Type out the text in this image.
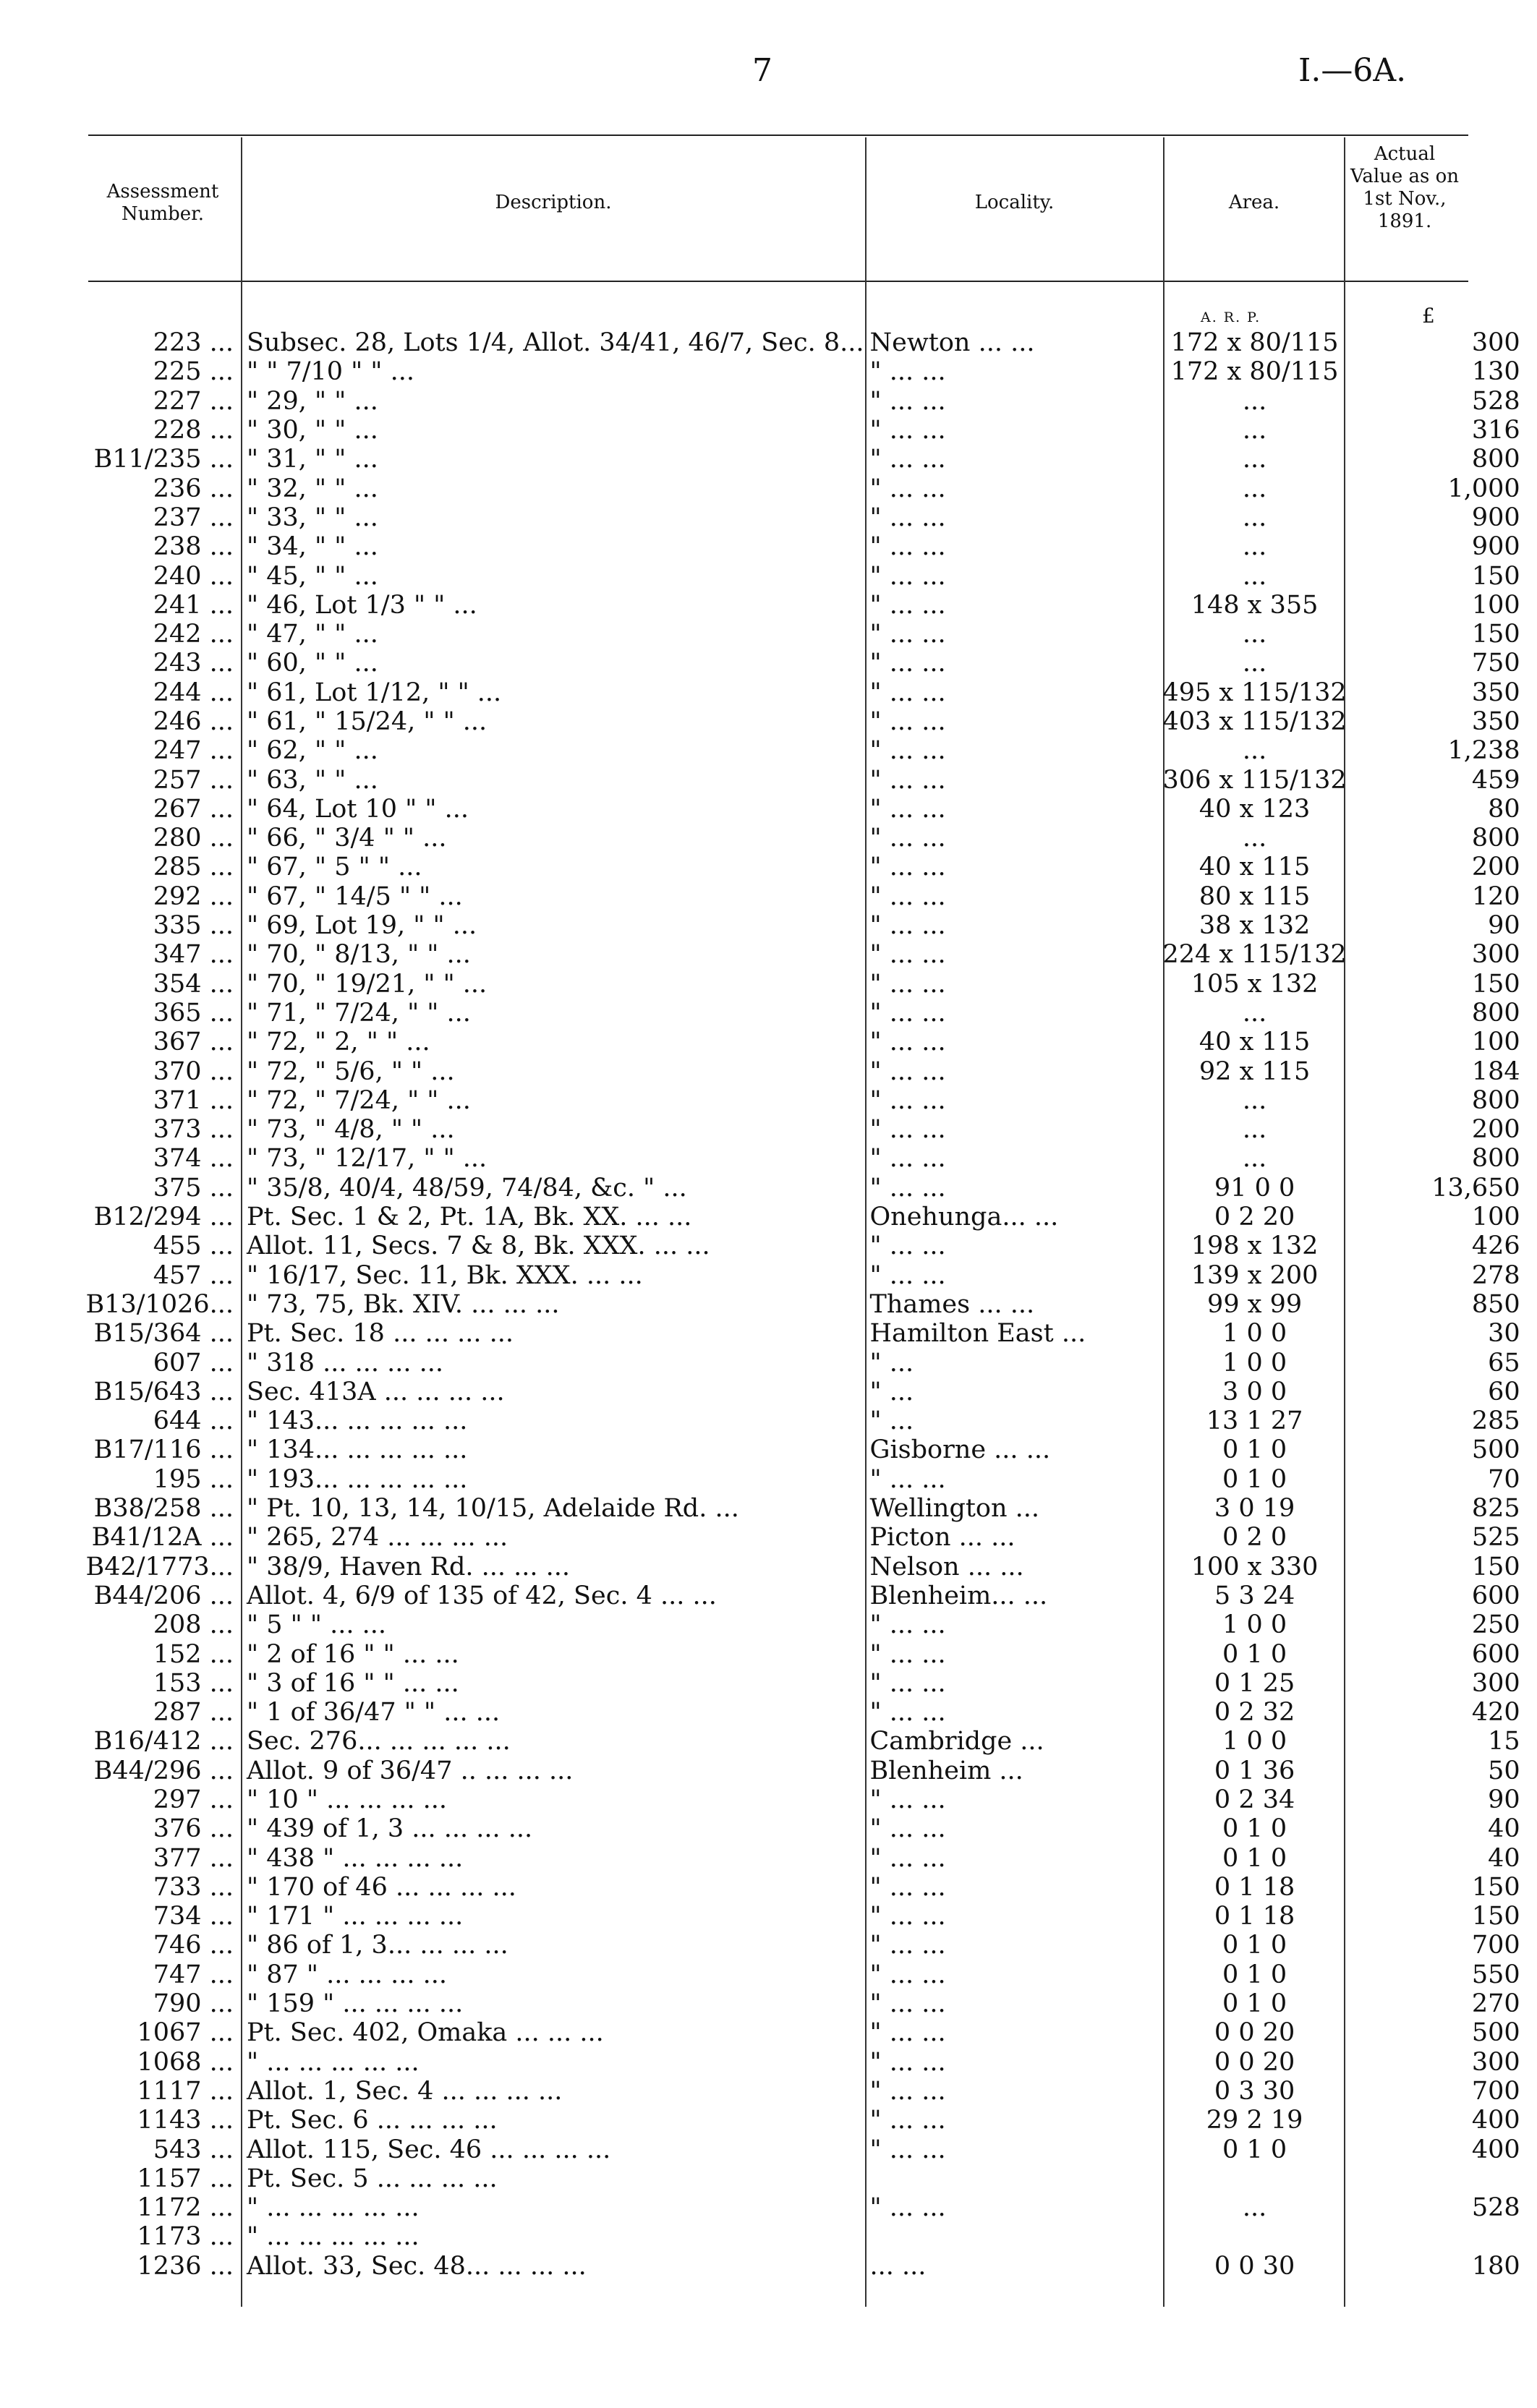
7	I.—6A.
Assessment Number.
Description.	Locality.	Area.
Actual Value as on 1st Nov., 1891.
A. R. P.	£
223 ...	Subsec. 28, Lots 1/4, Allot. 34/41, 46/7, Sec. 8...	Newton ... ...	172 x 80/115	300
225 ...	" " 7/10 " " ...	" ... ...	172 x 80/115	130
227 ...	" 29, " " ...	" ... ...	...	528
228 ...	" 30, " " ...	" ... ...	...	316
B11/235 ...	" 31, " " ...	" ... ...	...	800
236 ...	" 32, " " ...	" ... ...	...	1,000
237 ...	" 33, " " ...	" ... ...	...	900
238 ...	" 34, " " ...	" ... ...	...	900
240 ...	" 45, " " ...	" ... ...	...	150
241 ...	" 46, Lot 1/3 " " ...	" ... ...	148 x 355	100
242 ...	" 47, " " ...	" ... ...	...	150
243 ...	" 60, " " ...	" ... ...	...	750
244 ...	" 61, Lot 1/12, " " ...	" ... ...	495 x 115/132	350
246 ...	" 61, " 15/24, " " ...	" ... ...	403 x 115/132	350
247 ...	" 62, " " ...	" ... ...	...	1,238
257 ...	" 63, " " ...	" ... ...	306 x 115/132	459
267 ...	" 64, Lot 10 " " ...	" ... ...	40 x 123	80
280 ...	" 66, " 3/4 " " ...	" ... ...	...	800
285 ...	" 67, " 5 " " ...	" ... ...	40 x 115	200
292 ...	" 67, " 14/5 " " ...	" ... ...	80 x 115	120
335 ...	" 69, Lot 19, " " ...	" ... ...	38 x 132	90
347 ...	" 70, " 8/13, " " ...	" ... ...	224 x 115/132	300
354 ...	" 70, " 19/21, " " ...	" ... ...	105 x 132	150
365 ...	" 71, " 7/24, " " ...	" ... ...	...	800
367 ...	" 72, " 2, " " ...	" ... ...	40 x 115	100
370 ...	" 72, " 5/6, " " ...	" ... ...	92 x 115	184
371 ...	" 72, " 7/24, " " ...	" ... ...	...	800
373 ...	" 73, " 4/8, " " ...	" ... ...	...	200
374 ...	" 73, " 12/17, " " ...	" ... ...	...	800
375 ...	" 35/8, 40/4, 48/59, 74/84, &c. " ...	" ... ...	91 0 0	13,650
B12/294 ...	Pt. Sec. 1 & 2, Pt. 1A, Bk. XX. ... ...	Onehunga... ...	0 2 20	100
455 ...	Allot. 11, Secs. 7 & 8, Bk. XXX. ... ...	" ... ...	198 x 132	426
457 ...	" 16/17, Sec. 11, Bk. XXX. ... ...	" ... ...	139 x 200	278
B13/1026...	" 73, 75, Bk. XIV. ... ... ...	Thames ... ...	99 x 99	850
B15/364 ...	Pt. Sec. 18 ... ... ... ...	Hamilton East ...	1 0 0	30
607 ...	" 318 ... ... ... ...	" ...	1 0 0	65
B15/643 ...	Sec. 413A ... ... ... ...	" ...	3 0 0	60
644 ...	" 143... ... ... ... ...	" ...	13 1 27	285
B17/116 ...	" 134... ... ... ... ...	Gisborne ... ...	0 1 0	500
195 ...	" 193... ... ... ... ...	" ... ...	0 1 0	70
B38/258 ...	" Pt. 10, 13, 14, 10/15, Adelaide Rd. ...	Wellington ...	3 0 19	825
B41/12A ...	" 265, 274 ... ... ... ...	Picton ... ...	0 2 0	525
B42/1773...	" 38/9, Haven Rd. ... ... ...	Nelson ... ...	100 x 330	150
B44/206 ...	Allot. 4, 6/9 of 135 of 42, Sec. 4 ... ...	Blenheim... ...	5 3 24	600
208 ...	" 5 " " ... ...	" ... ...	1 0 0	250
152 ...	" 2 of 16 " " ... ...	" ... ...	0 1 0	600
153 ...	" 3 of 16 " " ... ...	" ... ...	0 1 25	300
287 ...	" 1 of 36/47 " " ... ...	" ... ...	0 2 32	420
B16/412 ...	Sec. 276... ... ... ... ...	Cambridge ...	1 0 0	15
B44/296 ...	Allot. 9 of 36/47 .. ... ... ...	Blenheim ...	0 1 36	50
297 ...	" 10 " ... ... ... ...	" ... ...	0 2 34	90
376 ...	" 439 of 1, 3 ... ... ... ...	" ... ...	0 1 0	40
377 ...	" 438 " ... ... ... ...	" ... ...	0 1 0	40
733 ...	" 170 of 46 ... ... ... ...	" ... ...	0 1 18	150
734 ...	" 171 " ... ... ... ...	" ... ...	0 1 18	150
746 ...	" 86 of 1, 3... ... ... ...	" ... ...	0 1 0	700
747 ...	" 87 " ... ... ... ...	" ... ...	0 1 0	550
790 ...	" 159 " ... ... ... ...	" ... ...	0 1 0	270
1067 ...	Pt. Sec. 402, Omaka ... ... ...	" ... ...	0 0 20	500
1068 ...	" ... ... ... ... ...	" ... ...	0 0 20	300
1117 ...	Allot. 1, Sec. 4 ... ... ... ...	" ... ...	0 3 30	700
1143 ...	Pt. Sec. 6 ... ... ... ...	" ... ...	29 2 19	400
543 ...	Allot. 115, Sec. 46 ... ... ... ...	" ... ...	0 1 0	400
1157 ...	Pt. Sec. 5 ... ... ... ...			
1172 ...	" ... ... ... ... ...	" ... ...	...	528
1173 ...	" ... ... ... ... ...			
1236 ...	Allot. 33, Sec. 48... ... ... ...	... ...	0 0 30	180
